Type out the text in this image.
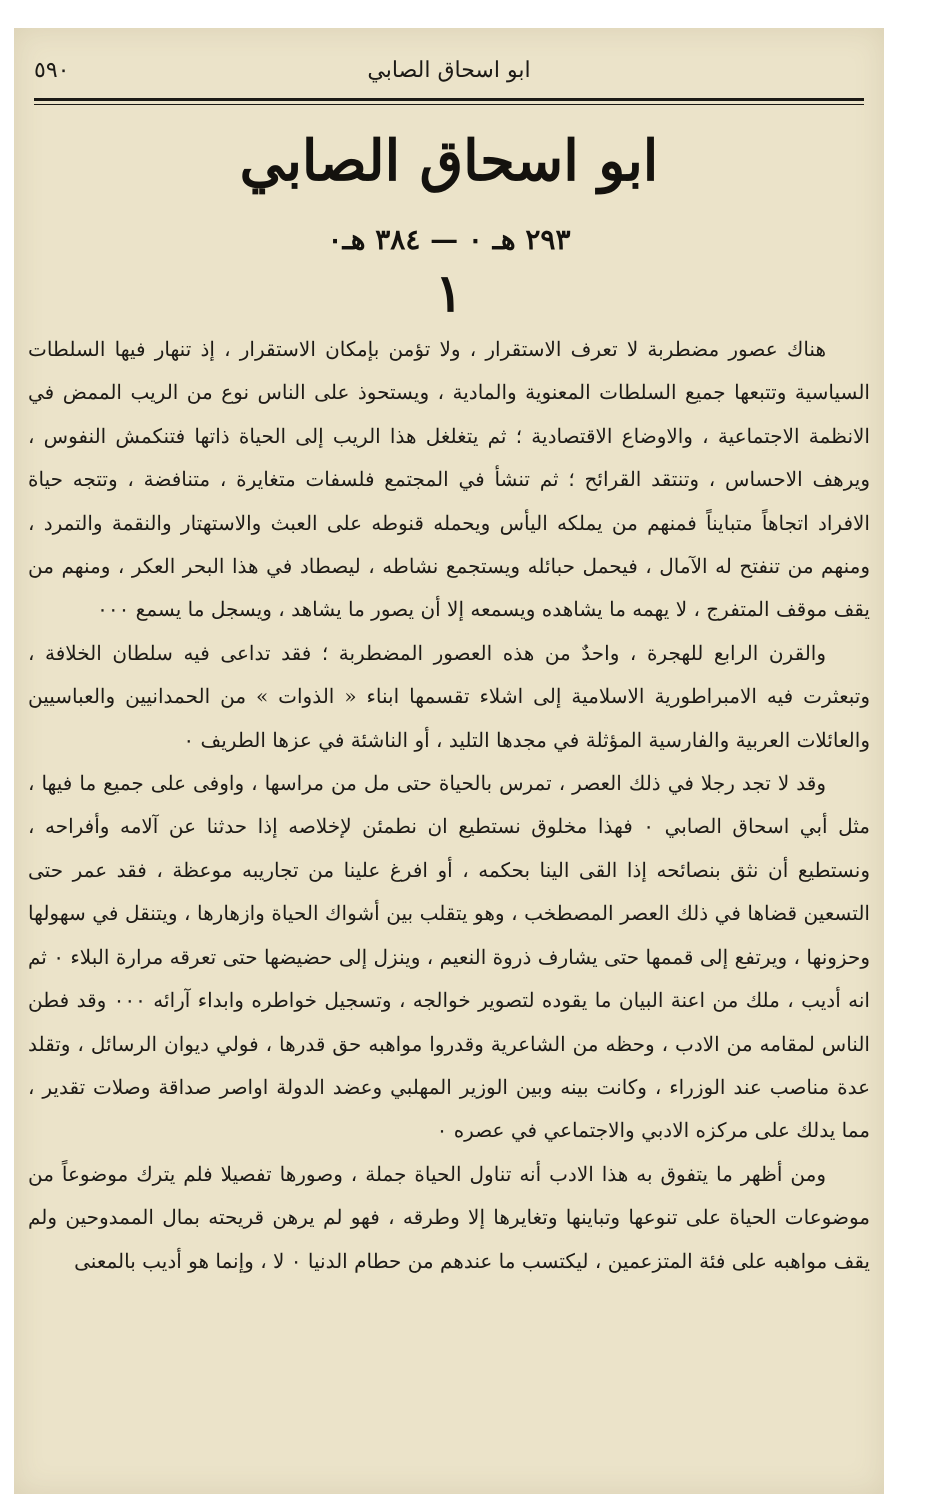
٥٩٠	ابو اسحاق الصابي
ابو اسحاق الصابي
٢٩٣ هـ ٠ — ٣٨٤ هـ٠
١

هناك عصور مضطربة لا تعرف الاستقرار ، ولا تؤمن بإمكان الاستقرار ، إذ تنهار فيها السلطات السياسية وتتبعها جميع السلطات المعنوية والمادية ، ويستحوذ على الناس نوع من الريب الممض في الانظمة الاجتماعية ، والاوضاع الاقتصادية ؛ ثم يتغلغل هذا الريب إلى الحياة ذاتها فتنكمش النفوس ، ويرهف الاحساس ، وتنتقد القرائح ؛ ثم تنشأ في المجتمع فلسفات متغايرة ، متنافضة ، وتتجه حياة الافراد اتجاهاً متبايناً فمنهم من يملكه اليأس ويحمله قنوطه على العبث والاستهتار والنقمة والتمرد ، ومنهم من تنفتح له الآمال ، فيحمل حبائله ويستجمع نشاطه ، ليصطاد في هذا البحر العكر ، ومنهم من يقف موقف المتفرج ، لا يهمه ما يشاهده ويسمعه إلا أن يصور ما يشاهد ، ويسجل ما يسمع ٠٠٠

والقرن الرابع للهجرة ، واحدٌ من هذه العصور المضطربة ؛ فقد تداعى فيه سلطان الخلافة ، وتبعثرت فيه الامبراطورية الاسلامية إلى اشلاء تقسمها ابناء « الذوات » من الحمدانيين والعباسيين والعائلات العربية والفارسية المؤثلة في مجدها التليد ، أو الناشئة في عزها الطريف ٠

وقد لا تجد رجلا في ذلك العصر ، تمرس بالحياة حتى مل من مراسها ، واوفى على جميع ما فيها ، مثل أبي اسحاق الصابي ٠ فهذا مخلوق نستطيع ان نطمئن لإخلاصه إذا حدثنا عن آلامه وأفراحه ، ونستطيع أن نثق بنصائحه إذا القى الينا بحكمه ، أو افرغ علينا من تجاريبه موعظة ، فقد عمر حتى التسعين قضاها في ذلك العصر المصطخب ، وهو يتقلب بين أشواك الحياة وازهارها ، ويتنقل في سهولها وحزونها ، ويرتفع إلى قممها حتى يشارف ذروة النعيم ، وينزل إلى حضيضها حتى تعرقه مرارة البلاء ٠ ثم انه أديب ، ملك من اعنة البيان ما يقوده لتصوير خوالجه ، وتسجيل خواطره وابداء آرائه ٠٠٠ وقد فطن الناس لمقامه من الادب ، وحظه من الشاعرية وقدروا مواهبه حق قدرها ، فولي ديوان الرسائل ، وتقلد عدة مناصب عند الوزراء ، وكانت بينه وبين الوزير المهلبي وعضد الدولة اواصر صداقة وصلات تقدير ، مما يدلك على مركزه الادبي والاجتماعي في عصره ٠

ومن أظهر ما يتفوق به هذا الادب أنه تناول الحياة جملة ، وصورها تفصيلا فلم يترك موضوعاً من موضوعات الحياة على تنوعها وتباينها وتغايرها إلا وطرقه ، فهو لم يرهن قريحته بمال الممدوحين ولم يقف مواهبه على فئة المتزعمين ، ليكتسب ما عندهم من حطام الدنيا ٠ لا ، وإنما هو أديب بالمعنى
